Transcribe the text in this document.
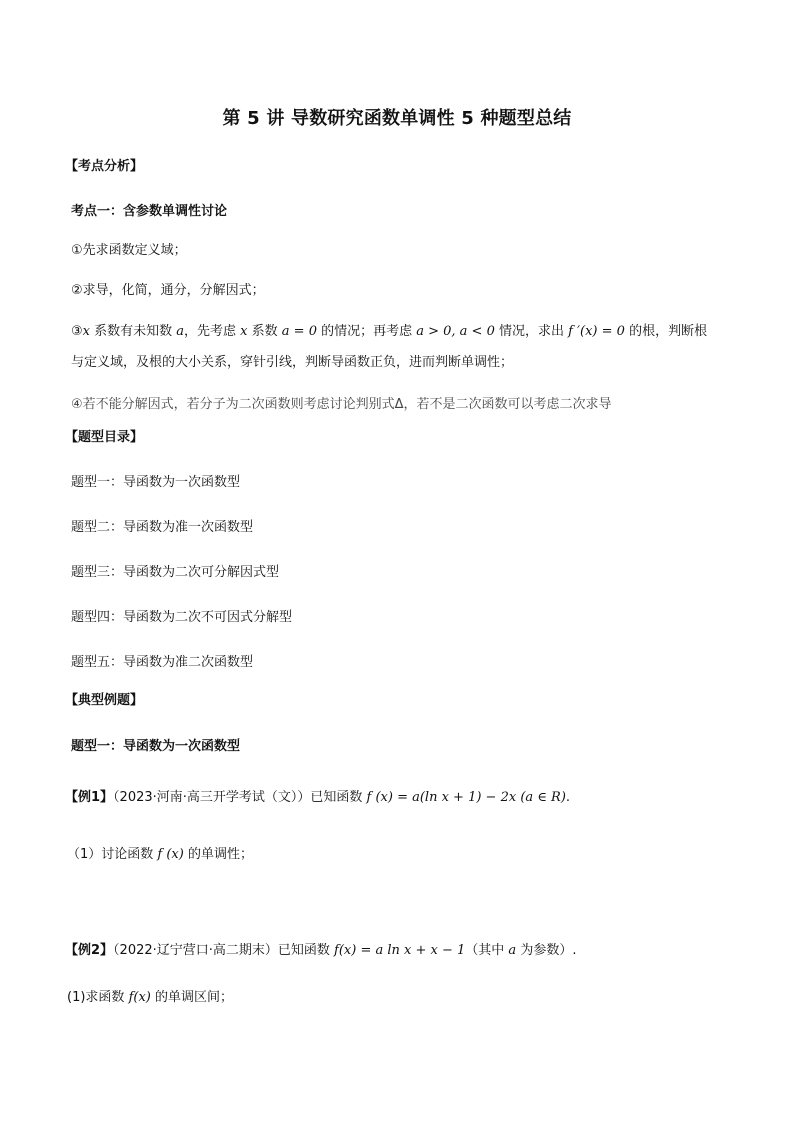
第 5 讲 导数研究函数单调性 5 种题型总结
【考点分析】
考点一：含参数单调性讨论
①先求函数定义域；
②求导，化简，通分，分解因式；
③x 系数有未知数 a，先考虑 x 系数 a = 0 的情况；再考虑 a > 0, a < 0 情况，求出 f ′(x) = 0 的根，判断根
与定义域，及根的大小关系，穿针引线，判断导函数正负，进而判断单调性；
④若不能分解因式，若分子为二次函数则考虑讨论判别式Δ，若不是二次函数可以考虑二次求导
【题型目录】
题型一：导函数为一次函数型
题型二：导函数为准一次函数型
题型三：导函数为二次可分解因式型
题型四：导函数为二次不可因式分解型
题型五：导函数为准二次函数型
【典型例题】
题型一：导函数为一次函数型
【例1】（2023·河南·高三开学考试（文））已知函数 f (x) = a(ln x + 1) − 2x (a ∈ R).
（1）讨论函数 f (x) 的单调性；
【例2】（2022·辽宁营口·高二期末）已知函数 f(x) = a ln x + x − 1（其中 a 为参数）.
(1)求函数 f(x) 的单调区间；
